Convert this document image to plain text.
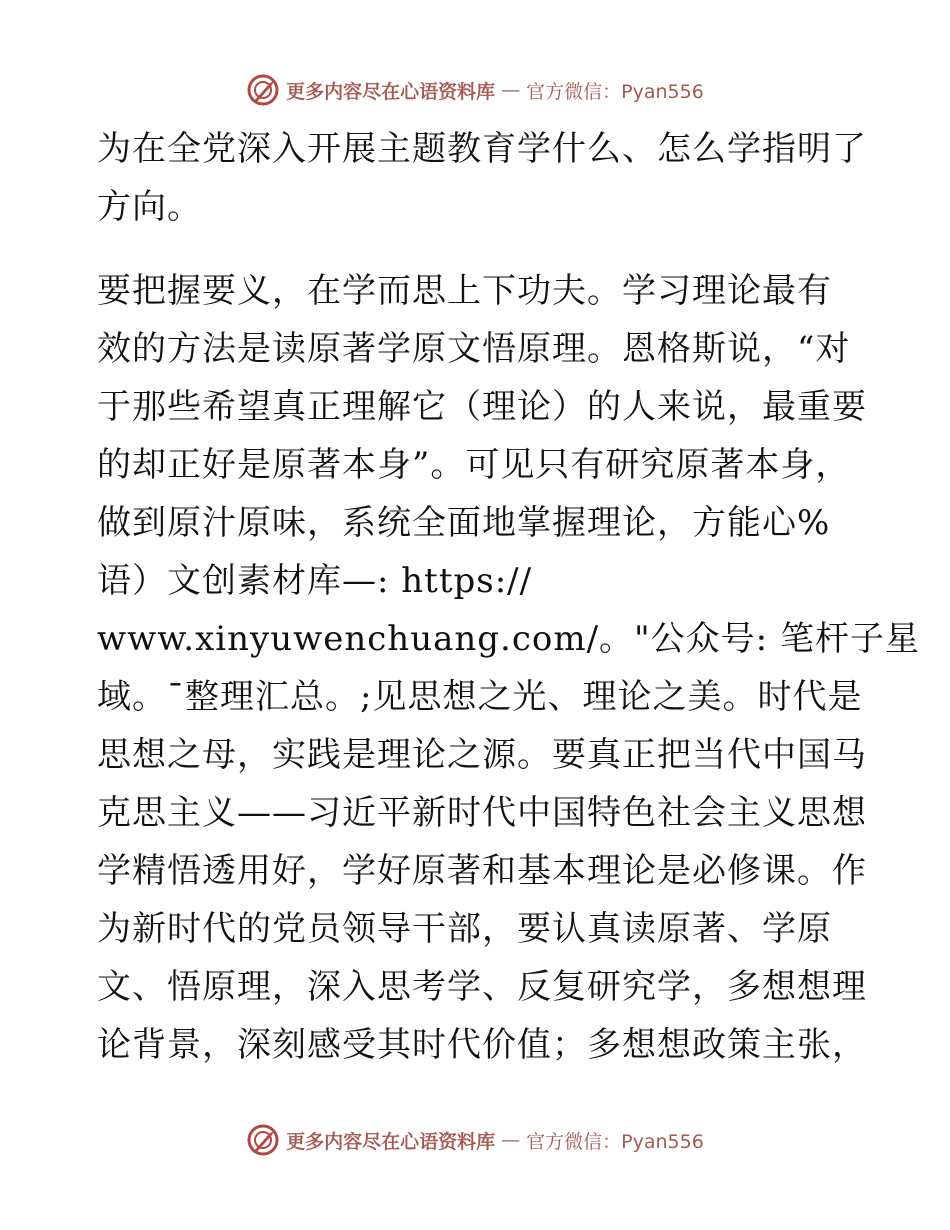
更多内容尽在心语资料库 — 官方微信：Pyan556
为在全党深入开展主题教育学什么、怎么学指明了
方向。
要把握要义，在学而思上下功夫。学习理论最有
效的方法是读原著学原文悟原理。恩格斯说，“对
于那些希望真正理解它（理论）的人来说，最重要
的却正好是原著本身”。可见只有研究原著本身，
做到原汁原味，系统全面地掌握理论，方能心%
语）文创素材库—: https://
www.xinyuwenchuang.com/。"公众号: 笔杆子星
域。¯整理汇总。;见思想之光、理论之美。时代是
思想之母，实践是理论之源。要真正把当代中国马
克思主义——习近平新时代中国特色社会主义思想
学精悟透用好，学好原著和基本理论是必修课。作
为新时代的党员领导干部，要认真读原著、学原
文、悟原理，深入思考学、反复研究学，多想想理
论背景，深刻感受其时代价值；多想想政策主张，
更多内容尽在心语资料库 — 官方微信：Pyan556
